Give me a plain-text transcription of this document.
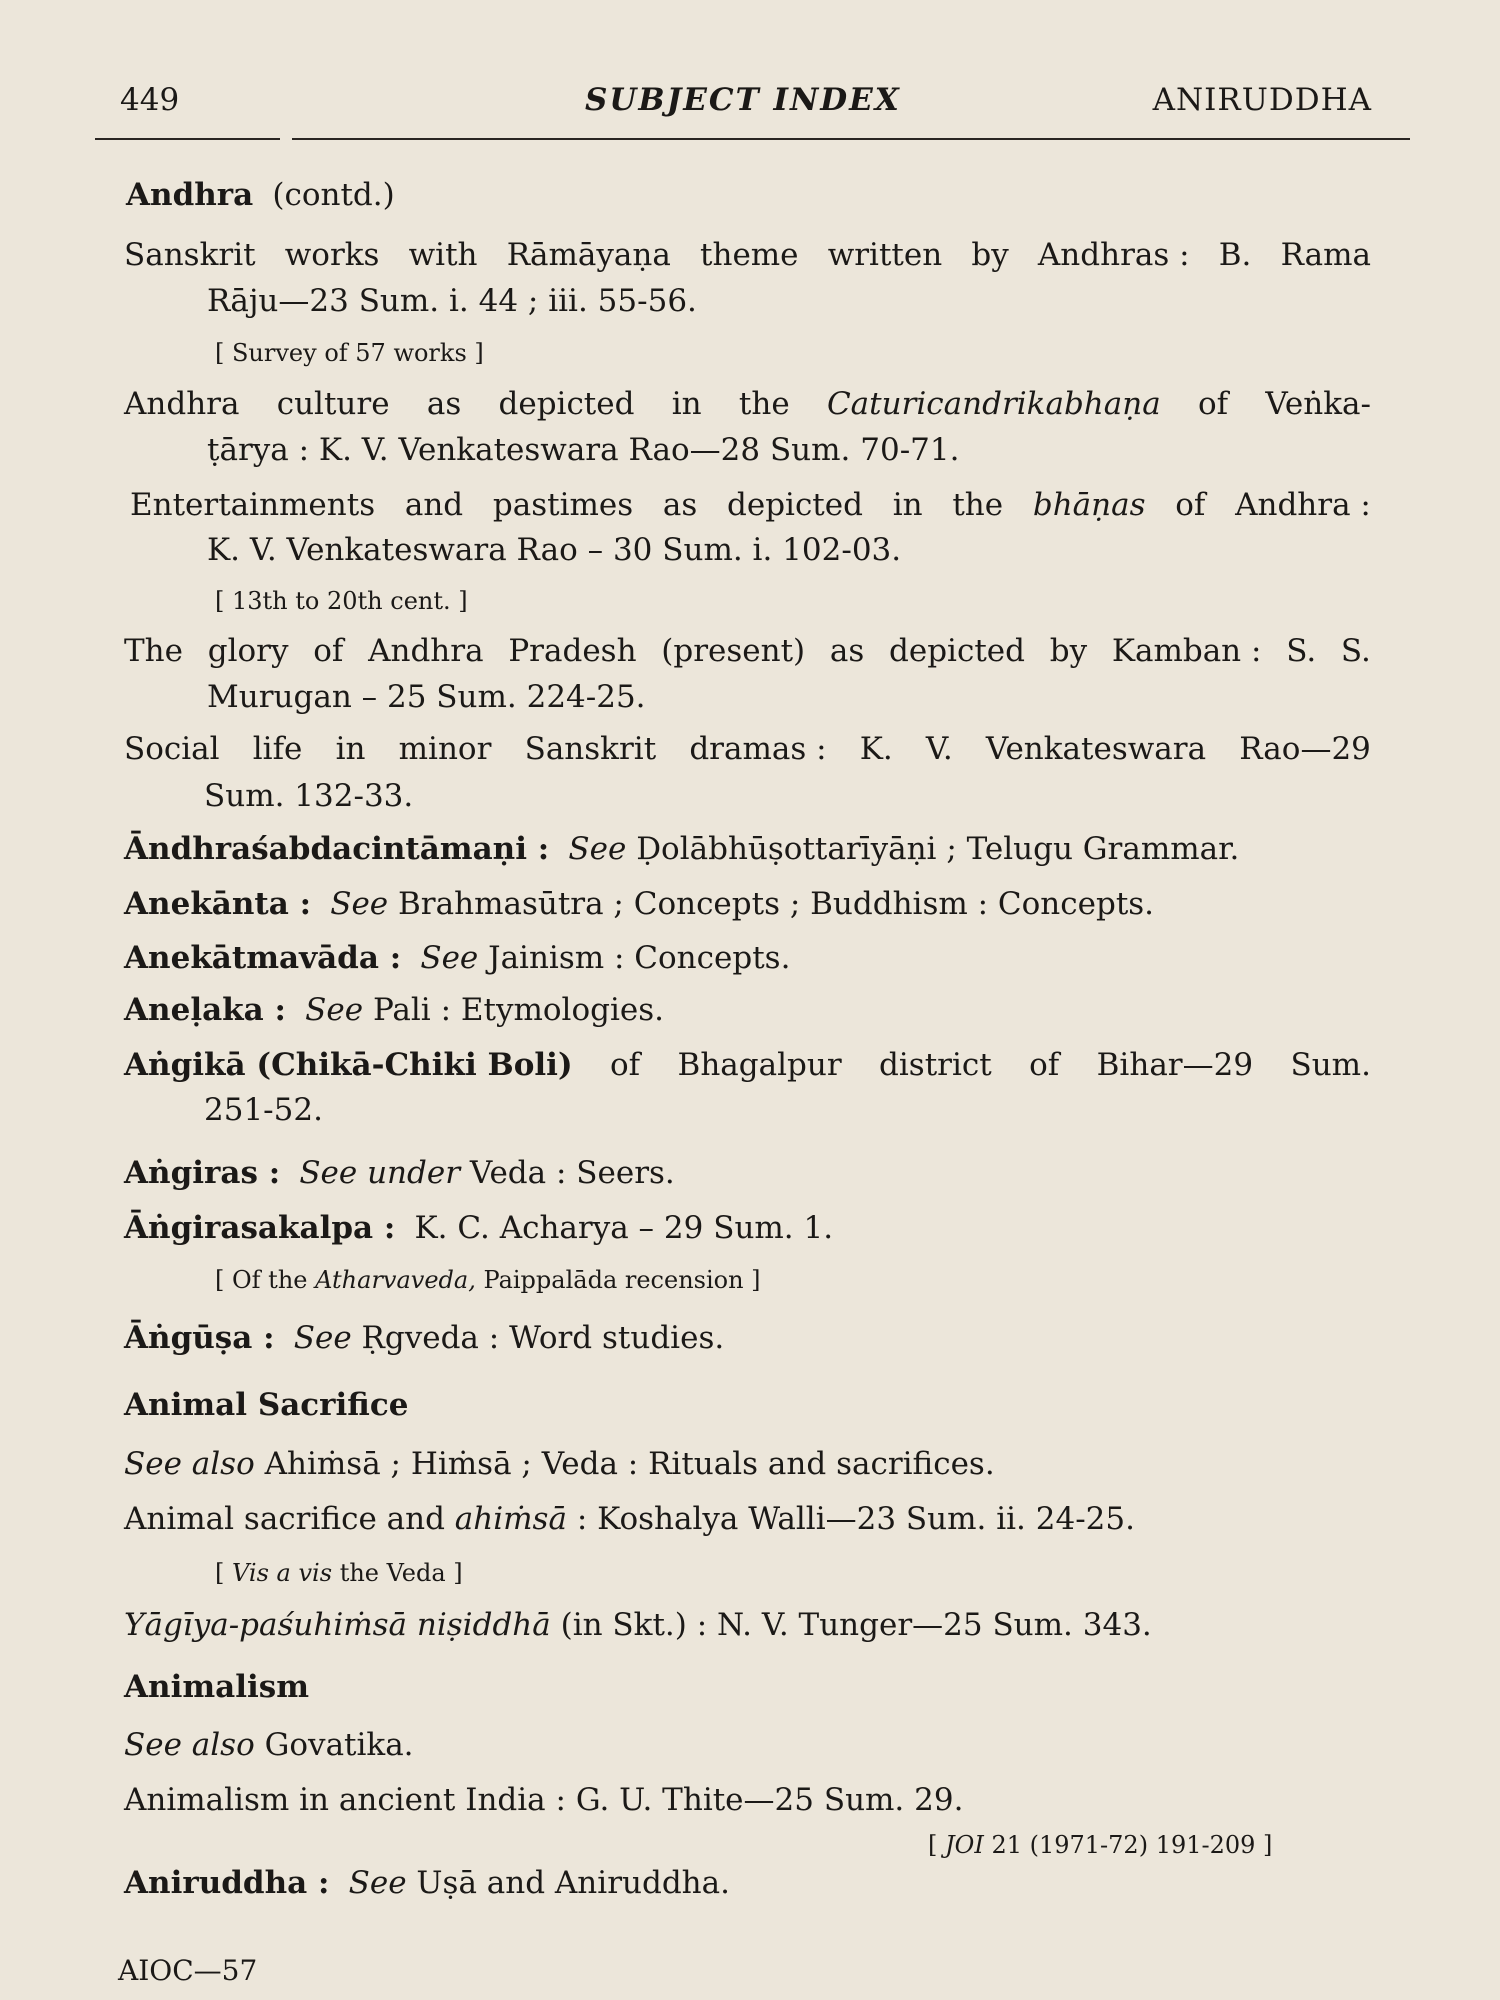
449	SUBJECT INDEX	ANIRUDDHA
Andhra (contd.)
Sanskrit works with Rāmāyaṇa theme written by Andhras : B. Rama
Rāju—23 Sum. i. 44 ; iii. 55-56.
[ Survey of 57 works ]
Andhra culture as depicted in the Caturicandrikabhaṇa of Veṅka-
ṭārya : K. V. Venkateswara Rao—28 Sum. 70-71.
Entertainments and pastimes as depicted in the bhāṇas of Andhra :
K. V. Venkateswara Rao – 30 Sum. i. 102-03.
[ 13th to 20th cent. ]
The glory of Andhra Pradesh (present) as depicted by Kamban : S. S.
Murugan – 25 Sum. 224-25.
Social life in minor Sanskrit dramas : K. V. Venkateswara Rao—29
Sum. 132-33.
Āndhraśabdacintāmaṇi : See Ḍolābhūṣottarīyāṇi ; Telugu Grammar.
Anekānta : See Brahmasūtra ; Concepts ; Buddhism : Concepts.
Anekātmavāda : See Jainism : Concepts.
Aneḷaka : See Pali : Etymologies.
Aṅgikā (Chikā-Chiki Boli) of Bhagalpur district of Bihar—29 Sum.
251-52.
Aṅgiras : See under Veda : Seers.
Āṅgirasakalpa : K. C. Acharya – 29 Sum. 1.
[ Of the Atharvaveda, Paippalāda recension ]
Āṅgūṣa : See Ṛgveda : Word studies.
Animal Sacrifice
See also Ahiṁsā ; Hiṁsā ; Veda : Rituals and sacrifices.
Animal sacrifice and ahiṁsā : Koshalya Walli—23 Sum. ii. 24-25.
[ Vis a vis the Veda ]
Yāgīya-paśuhiṁsā niṣiddhā (in Skt.) : N. V. Tunger—25 Sum. 343.
Animalism
See also Govatika.
Animalism in ancient India : G. U. Thite—25 Sum. 29.
[ JOI 21 (1971-72) 191-209 ]
Aniruddha : See Uṣā and Aniruddha.
AIOC—57
